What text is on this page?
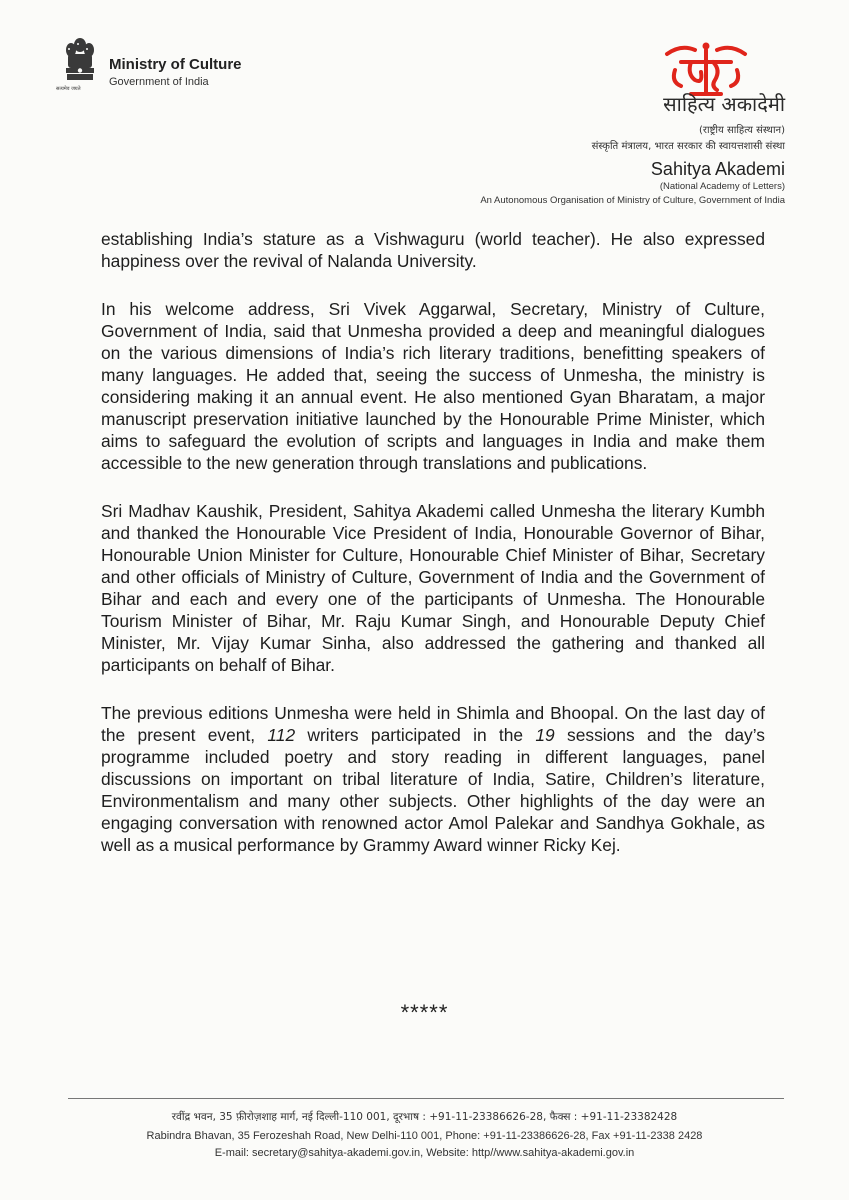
सत्यमेव जयते
Ministry of Culture
Government of India
साहित्य अकादेमी
(राष्ट्रीय साहित्य संस्थान)
संस्कृति मंत्रालय, भारत सरकार की स्वायत्तशासी संस्था
Sahitya Akademi
(National Academy of Letters)
An Autonomous Organisation of Ministry of Culture, Government of India

establishing India’s stature as a Vishwaguru (world teacher). He also expressed happiness over the revival of Nalanda University.

In his welcome address, Sri Vivek Aggarwal, Secretary, Ministry of Culture, Government of India, said that Unmesha provided a deep and meaningful dialogues on the various dimensions of India’s rich literary traditions, benefitting speakers of many languages. He added that, seeing the success of Unmesha, the ministry is considering making it an annual event. He also mentioned Gyan Bharatam, a major manuscript preservation initiative launched by the Honourable Prime Minister, which aims to safeguard the evolution of scripts and languages in India and make them accessible to the new generation through translations and publications.

Sri Madhav Kaushik, President, Sahitya Akademi called Unmesha the literary Kumbh and thanked the Honourable Vice President of India, Honourable Governor of Bihar, Honourable Union Minister for Culture, Honourable Chief Minister of Bihar, Secretary and other officials of Ministry of Culture, Government of India and the Government of Bihar and each and every one of the participants of Unmesha. The Honourable Tourism Minister of Bihar, Mr. Raju Kumar Singh, and Honourable Deputy Chief Minister, Mr. Vijay Kumar Sinha, also addressed the gathering and thanked all participants on behalf of Bihar.

The previous editions Unmesha were held in Shimla and Bhoopal. On the last day of the present event, 112 writers participated in the 19 sessions and the day’s programme included poetry and story reading in different languages, panel discussions on important on tribal literature of India, Satire, Children’s literature, Environmentalism and many other subjects. Other highlights of the day were an engaging conversation with renowned actor Amol Palekar and Sandhya Gokhale, as well as a musical performance by Grammy Award winner Ricky Kej.

*****
रवींद्र भवन, 35 फ़ीरोज़शाह मार्ग, नई दिल्ली-110 001, दूरभाष : +91-11-23386626-28, फैक्स : +91-11-23382428
Rabindra Bhavan, 35 Ferozeshah Road, New Delhi-110 001, Phone: +91-11-23386626-28, Fax +91-11-2338 2428
E-mail: secretary@sahitya-akademi.gov.in, Website: http//www.sahitya-akademi.gov.in
